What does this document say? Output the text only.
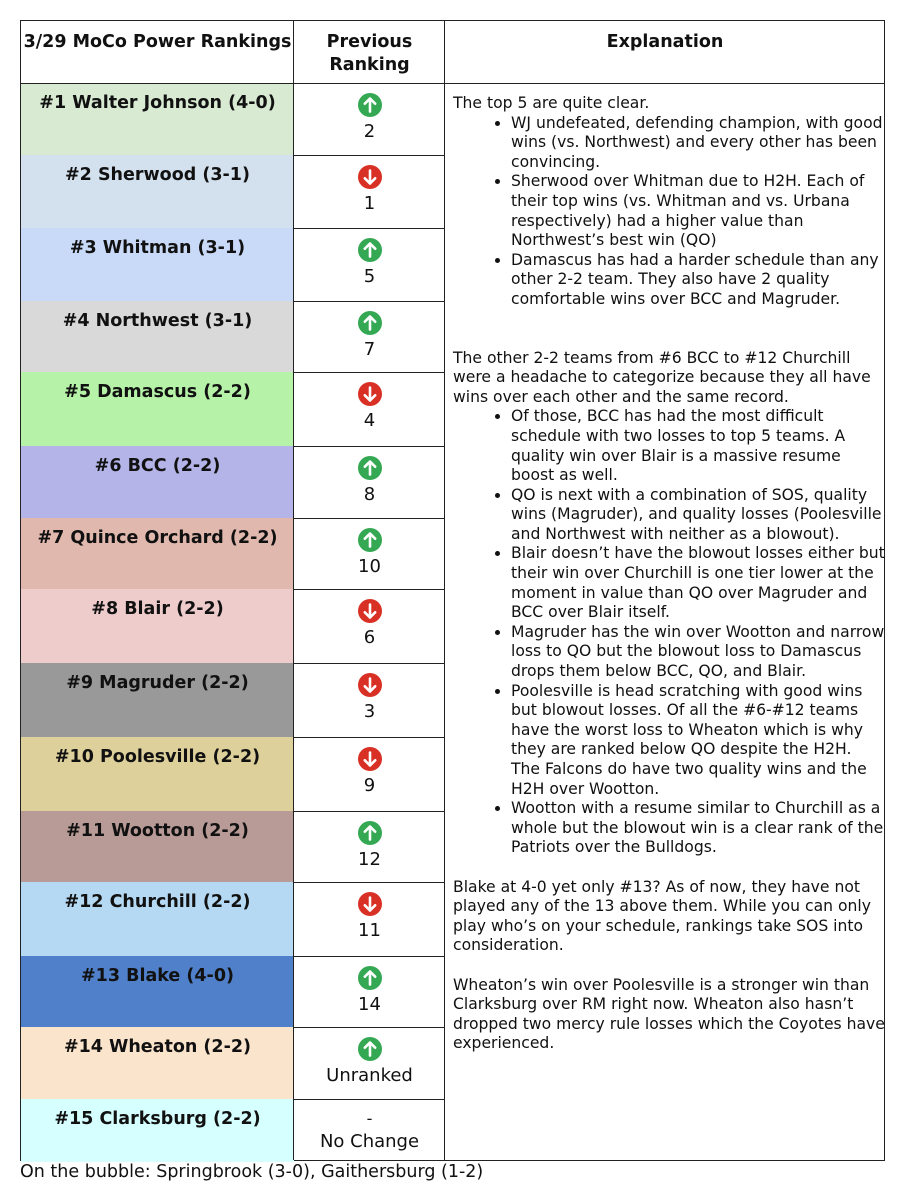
3/29 MoCo Power Rankings	Previous Ranking
Explanation
#1 Walter Johnson (4-0)
2
#2 Sherwood (3-1)
1
#3 Whitman (3-1)
5
#4 Northwest (3-1)
7
#5 Damascus (2-2)
4
#6 BCC (2-2)
8
#7 Quince Orchard (2-2)
10
#8 Blair (2-2)
6
#9 Magruder (2-2)
3
#10 Poolesville (2-2)
9
#11 Wootton (2-2)
12
#12 Churchill (2-2)
11
#13 Blake (4-0)
14
#14 Wheaton (2-2)
Unranked
#15 Clarksburg (2-2)	-
No Change

The top 5 are quite clear.

• WJ undefeated, defending champion, with good wins (vs. Northwest) and every other has been convincing.
• Sherwood over Whitman due to H2H. Each of their top wins (vs. Whitman and vs. Urbana respectively) had a higher value than Northwest’s best win (QO)
• Damascus has had a harder schedule than any other 2-2 team. They also have 2 quality comfortable wins over BCC and Magruder.

The other 2-2 teams from #6 BCC to #12 Churchill were a headache to categorize because they all have wins over each other and the same record.

• Of those, BCC has had the most difficult schedule with two losses to top 5 teams. A quality win over Blair is a massive resume boost as well.
• QO is next with a combination of SOS, quality wins (Magruder), and quality losses (Poolesville and Northwest with neither as a blowout).
• Blair doesn’t have the blowout losses either but their win over Churchill is one tier lower at the moment in value than QO over Magruder and BCC over Blair itself.
• Magruder has the win over Wootton and narrow loss to QO but the blowout loss to Damascus drops them below BCC, QO, and Blair.
• Poolesville is head scratching with good wins but blowout losses. Of all the #6-#12 teams have the worst loss to Wheaton which is why they are ranked below QO despite the H2H. The Falcons do have two quality wins and the H2H over Wootton.
• Wootton with a resume similar to Churchill as a whole but the blowout win is a clear rank of the Patriots over the Bulldogs.

Blake at 4-0 yet only #13? As of now, they have not played any of the 13 above them. While you can only play who’s on your schedule, rankings take SOS into consideration.

Wheaton’s win over Poolesville is a stronger win than Clarksburg over RM right now. Wheaton also hasn’t dropped two mercy rule losses which the Coyotes have experienced.

On the bubble: Springbrook (3-0), Gaithersburg (1-2)
